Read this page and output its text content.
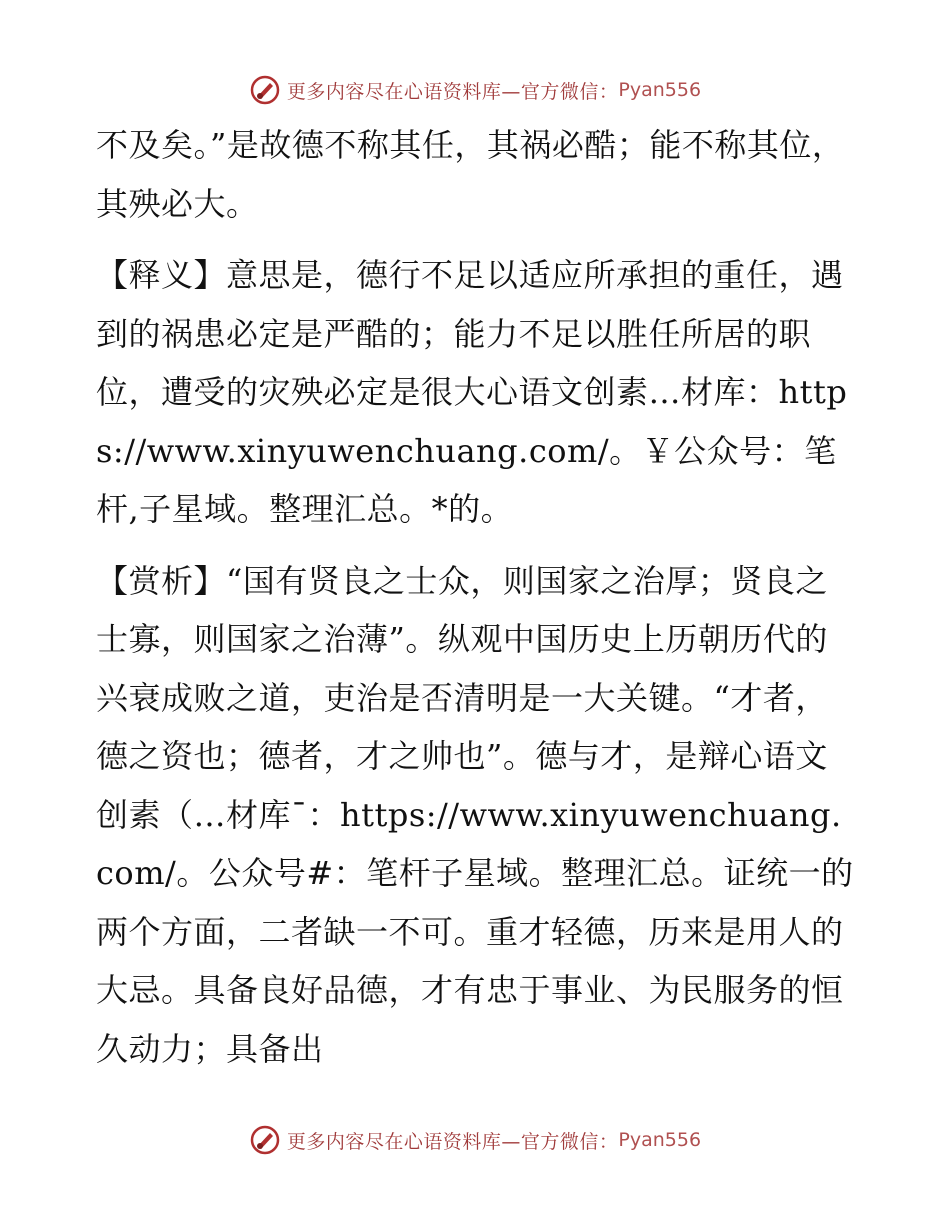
更多内容尽在心语资料库—官方微信： Pyan556

不及矣。”是故德不称其任，其祸必酷；能不称其位，其殃必大。

【释义】意思是，德行不足以适应所承担的重任，遇到的祸患必定是严酷的；能力不足以胜任所居的职位，遭受的灾殃必定是很大心语文创素…材库：https://www.xinyuwenchuang.com/。￥公众号：笔杆,子星域。整理汇总。*的。

【赏析】“国有贤良之士众，则国家之治厚；贤良之士寡，则国家之治薄”。纵观中国历史上历朝历代的兴衰成败之道，吏治是否清明是一大关键。“才者，德之资也；德者，才之帅也”。德与才，是辩心语文创素（…材库¯：https://www.xinyuwenchuang.com/。公众号#：笔杆子星域。整理汇总。证统一的两个方面，二者缺一不可。重才轻德，历来是用人的大忌。具备良好品德，才有忠于事业、为民服务的恒久动力；具备出

更多内容尽在心语资料库—官方微信： Pyan556
